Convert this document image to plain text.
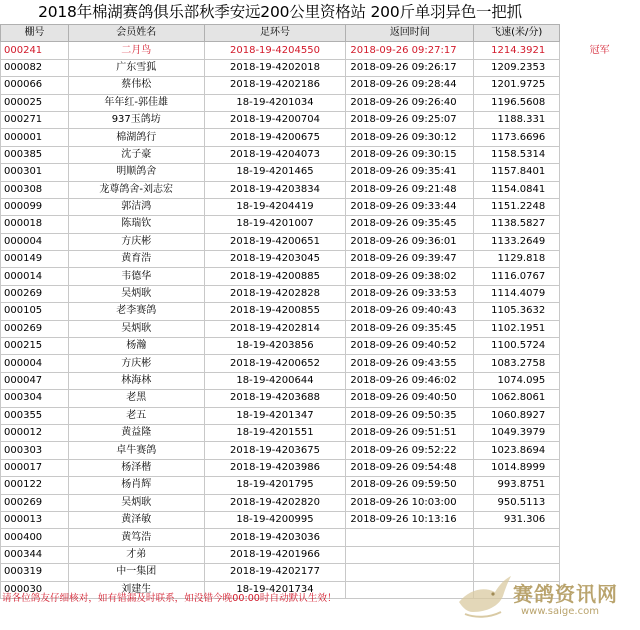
2018年棉湖赛鸽俱乐部秋季安远200公里资格站 200斤单羽异色一把抓
棚号	会员姓名	足环号	返回时间	飞速(米/分)	
000241	二月鸟	2018-19-4204550	2018-09-26 09:27:17	1214.3921	冠军
000082	广东雪狐	2018-19-4202018	2018-09-26 09:26:17	1209.2353	
000066	蔡伟松	2018-19-4202186	2018-09-26 09:28:44	1201.9725	
000025	年年红-郭佳雄	18-19-4201034	2018-09-26 09:26:40	1196.5608	
000271	937玉鸽坊	2018-19-4200704	2018-09-26 09:25:07	1188.331	
000001	棉湖鸽行	2018-19-4200675	2018-09-26 09:30:12	1173.6696	
000385	沈子豪	2018-19-4204073	2018-09-26 09:30:15	1158.5314	
000301	明顺鸽舍	18-19-4201465	2018-09-26 09:35:41	1157.8401	
000308	龙尊鸽舍-刘志宏	2018-19-4203834	2018-09-26 09:21:48	1154.0841	
000099	郭洁鸿	18-19-4204419	2018-09-26 09:33:44	1151.2248	
000018	陈瑞钦	18-19-4201007	2018-09-26 09:35:45	1138.5827	
000004	方庆彬	2018-19-4200651	2018-09-26 09:36:01	1133.2649	
000149	黄育浩	2018-19-4203045	2018-09-26 09:39:47	1129.818	
000014	韦德华	2018-19-4200885	2018-09-26 09:38:02	1116.0767	
000269	吴炳耿	2018-19-4202828	2018-09-26 09:33:53	1114.4079	
000105	老李赛鸽	2018-19-4200855	2018-09-26 09:40:43	1105.3632	
000269	吴炳耿	2018-19-4202814	2018-09-26 09:35:45	1102.1951	
000215	杨瀚	18-19-4203856	2018-09-26 09:40:52	1100.5724	
000004	方庆彬	2018-19-4200652	2018-09-26 09:43:55	1083.2758	
000047	林海林	18-19-4200644	2018-09-26 09:46:02	1074.095	
000304	老黑	2018-19-4203688	2018-09-26 09:40:50	1062.8061	
000355	老五	18-19-4201347	2018-09-26 09:50:35	1060.8927	
000012	黄益隆	18-19-4201551	2018-09-26 09:51:51	1049.3979	
000303	卓牛赛鸽	2018-19-4203675	2018-09-26 09:52:22	1023.8694	
000017	杨泽楷	2018-19-4203986	2018-09-26 09:54:48	1014.8999	
000122	杨肖辉	18-19-4201795	2018-09-26 09:59:50	993.8751	
000269	吴炳耿	2018-19-4202820	2018-09-26 10:03:00	950.5113	
000013	黄泽敏	18-19-4200995	2018-09-26 10:13:16	931.306	
000400	黄笃浩	2018-19-4203036			
000344	才弟	2018-19-4201966			
000319	中一集团	2018-19-4202177			
000030	刘建生	18-19-4201734			
请各位鸽友仔细核对，如有错漏及时联系，如没错今晚00:00时自动默认生效！	赛鸽资讯网
www.saige.com
